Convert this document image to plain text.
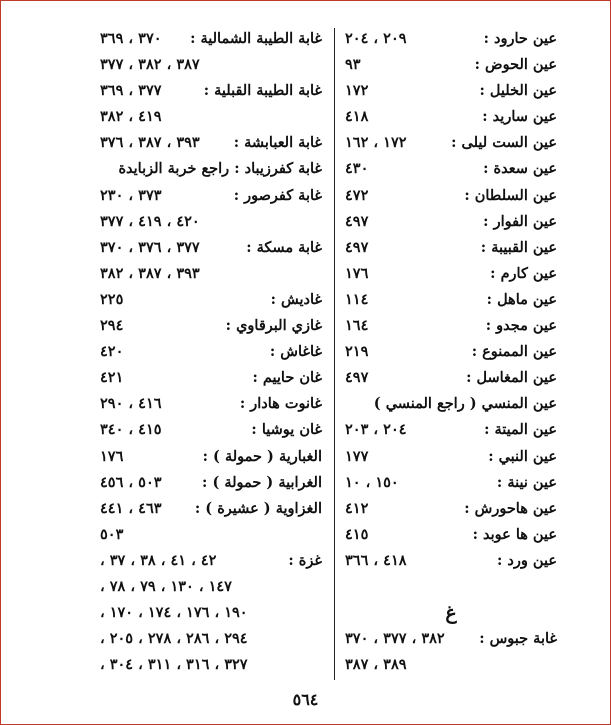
عين حارود :
٢٠٩ ، ٢٠٤
عين الحوض :
٩٣
عين الخليل :
١٧٢
عين ساريد :
٤١٨
عين الست ليلى :
١٧٢ ، ١٦٢
عين سعدة :
٤٣٠
عين السلطان :
٤٧٢
عين الفوار :
٤٩٧
عين القبيبة :
٤٩٧
عين كارم :
١٧٦
عين ماهل :
١١٤
عين مجدو :
١٦٤
عين الممنوع :
٢١٩
عين المغاسل :
٤٩٧
عين المنسي ( راجع المنسي )
عين الميتة :
٢٠٤ ، ٢٠٣
عين النبي :
١٧٧
عين نينة :
١٥٠ ، ١٠
عين هاحورش :
٤١٢
عين ها عوبد :
٤١٥
عين ورد :
٤١٨ ، ٣٦٦
غ
غابة جبوس :
٣٨٢ ، ٣٧٧ ، ٣٧٠
٣٨٩ ، ٣٨٧
غابة الطيبة الشمالية :
٣٧٠ ، ٣٦٩
٣٨٧ ، ٣٨٢ ، ٣٧٧
غابة الطيبة القبلية :
٣٧٧ ، ٣٦٩
٤١٩ ، ٣٨٢
غابة العبابشة :
٣٩٣ ، ٣٨٧ ، ٣٧٦
غابة كفرزيباد : راجع خربة الزبايدة
غابة كفرصور :
٣٧٣ ، ٢٣٠
٤٢٠ ، ٤١٩ ، ٣٧٧
غابة مسكة :
٣٧٧ ، ٣٧٦ ، ٣٧٠
٣٩٣ ، ٣٨٧ ، ٣٨٢
غاديش :
٢٢٥
غازي البرقاوي :
٢٩٤
غاغاش :
٤٢٠
غان حاييم :
٤٢١
غانوت هادار :
٤١٦ ، ٢٩٠
غان يوشيا :
٤١٥ ، ٣٤٠
الغبارية ( حمولة ) :
١٧٦
الغرابية ( حمولة ) :
٥٠٣ ، ٤٥٦
الغزاوية ( عشيرة ) :
٤٦٣ ، ٤٤١
٥٠٣
غزة :
٤٢ ، ٤١ ، ٣٨ ، ٣٧ ،
١٤٧ ، ١٣٠ ، ٧٩ ، ٧٨ ،
١٩٠ ، ١٧٦ ، ١٧٤ ، ١٧٠ ،
٢٩٤ ، ٢٨٦ ، ٢٧٨ ، ٢٠٥ ،
٣٢٧ ، ٣١٦ ، ٣١١ ، ٣٠٤ ،
٥٦٤
